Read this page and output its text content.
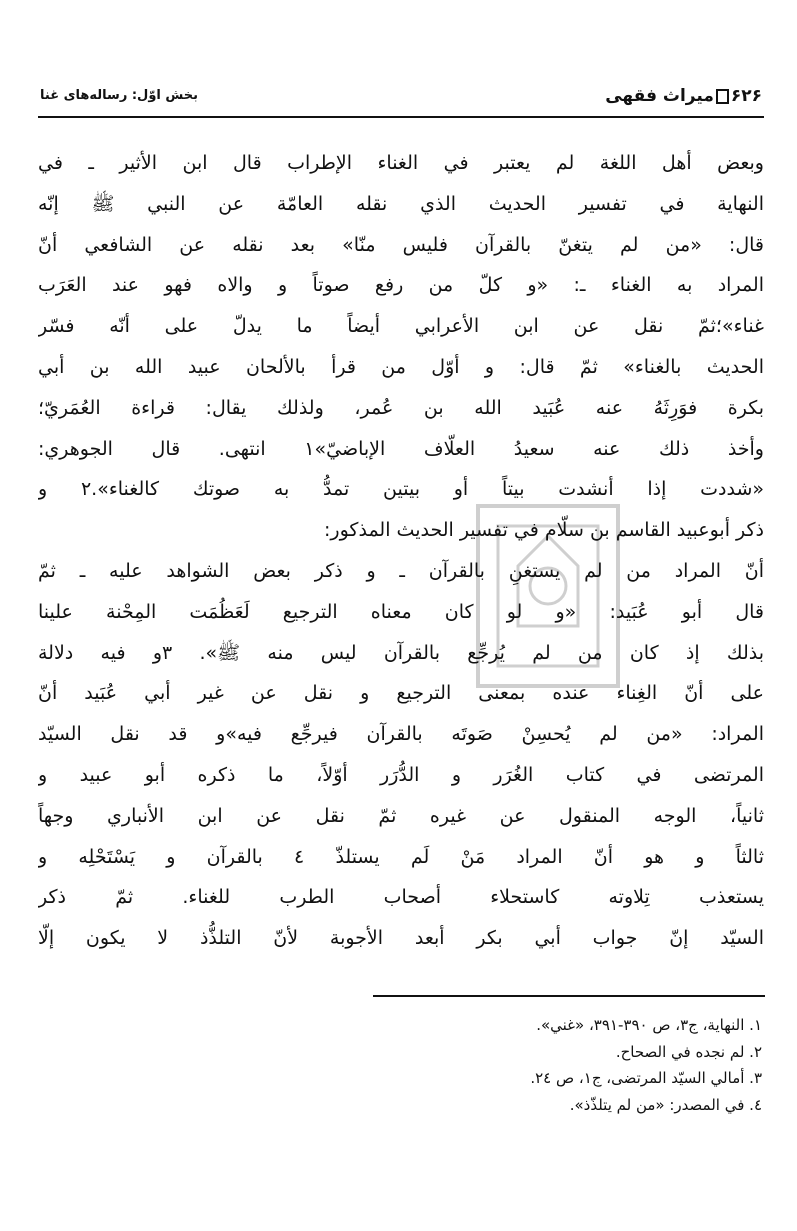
۶۲۶میراث فقهی
بخش اوّل: رساله‌های غنا
وبعض أهل اللغة لم يعتبر في الغناء الإطراب قال ابن الأثير ـ في
النهاية في تفسير الحديث الذي نقله العامّة عن النبي ﷺ إنّه
قال: «من لم يتغنّ بالقرآن فليس منّا» بعد نقله عن الشافعي أنّ
المراد به الغناء ـ: «و كلّ من رفع صوتاً و والاه فهو عند العَرَب
غناء»؛ثمّ نقل عن ابن الأعرابي أيضاً ما يدلّ على أنّه فسّر
الحديث بالغناء» ثمّ قال: و أوّل من قرأ بالألحان عبيد الله بن أبي
بكرة فوَرِثَهُ عنه عُبَيد الله بن عُمر، ولذلك يقال: قراءة العُمَريّ؛
وأخذ ذلك عنه سعيدُ العلّاف الإباضيّ»١ انتهى. قال الجوهري:
«شددت إذا أنشدت بيتاً أو بيتين تمدُّ به صوتك كالغناء».٢ و
ذكر أبوعبيد القاسم بن سلّام في تفسير الحديث المذكور:
أنّ المراد من لم يستغنِ بالقرآن ـ و ذكر بعض الشواهد عليه ـ ثمّ
قال أبو عُبَيد: «و لو كان معناه الترجيع لَعَظُمَت المِحْنة علينا
بذلك إذ كان من لم يُرجِّع بالقرآن ليس منه ﷺ». ٣و فيه دلالة
على أنّ الغِناء عنده بمعنى الترجيع و نقل عن غير أبي عُبَيد أنّ
المراد: «من لم يُحسِنْ صَوتَه بالقرآن فيرجِّع فيه»و قد نقل السيّد
المرتضى في كتاب الغُرَر و الدُّرَر أوّلاً، ما ذكره أبو عبيد و
ثانياً، الوجه المنقول عن غيره ثمّ نقل عن ابن الأنباري وجهاً
ثالثاً و هو أنّ المراد مَنْ لَم يستلذّ ٤ بالقرآن و يَسْتَحْلِه و
يستعذب تِلاوته كاستحلاء أصحاب الطرب للغناء. ثمّ ذكر
السيّد إنّ جواب أبي بكر أبعد الأجوبة لأنّ التلذُّذ لا يكون إلّا
١. النهاية، ج٣، ص ٣٩٠-٣٩١، «غني».
٢. لم نجده في الصحاح.
٣. أمالي السيّد المرتضى، ج١، ص ٢٤.
٤. في المصدر: «من لم يتلذّذ».
